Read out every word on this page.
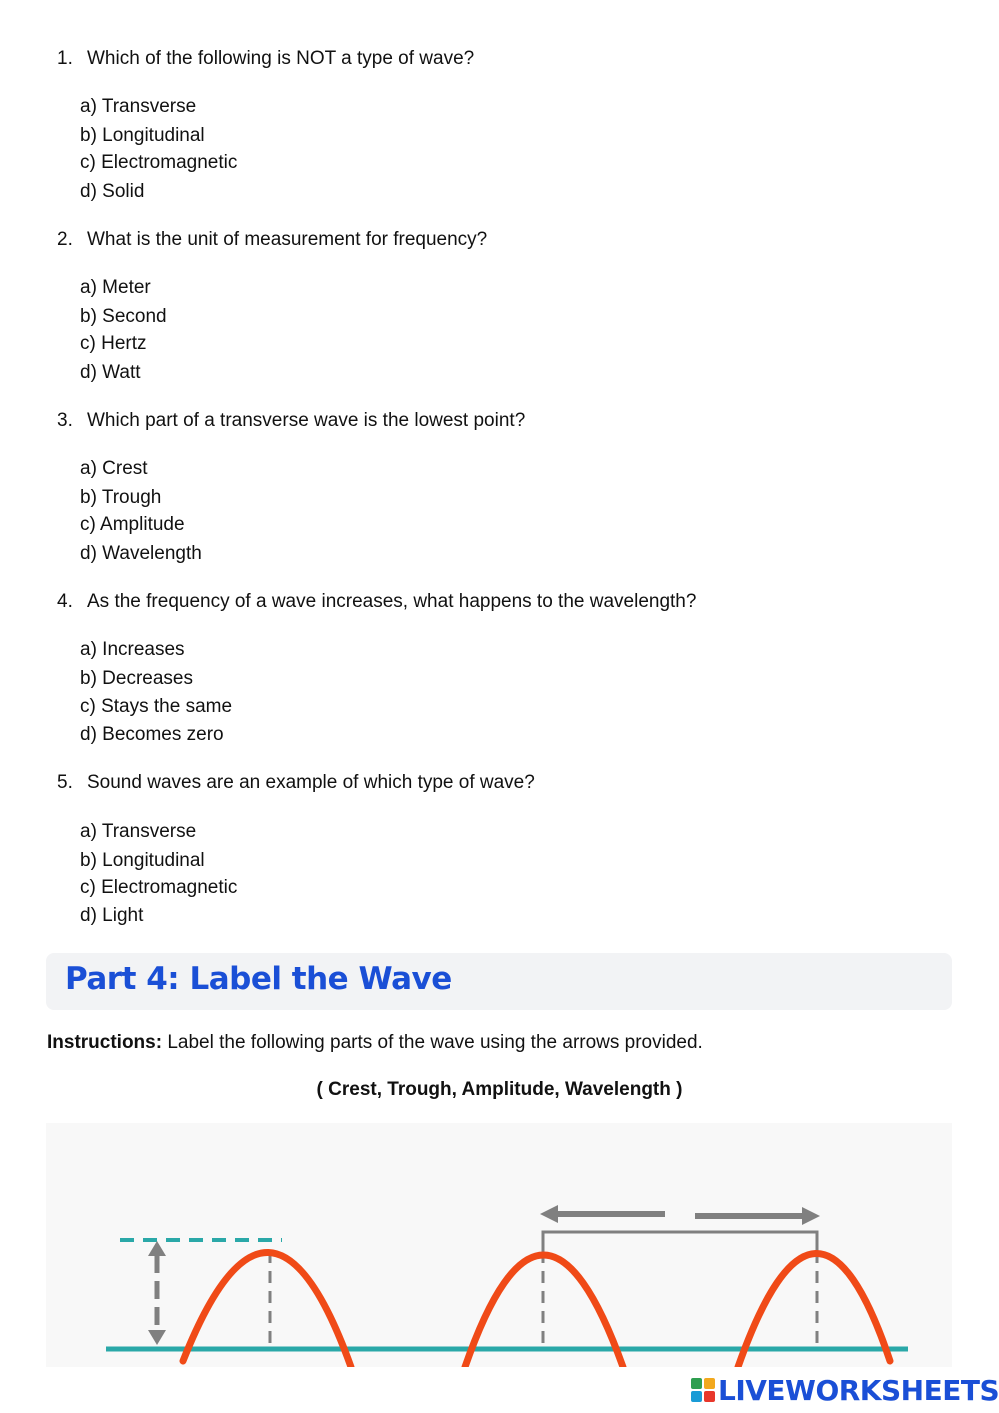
1. Which of the following is NOT a type of wave?
a) Transverse
b) Longitudinal
c) Electromagnetic
d) Solid
2. What is the unit of measurement for frequency?
a) Meter
b) Second
c) Hertz
d) Watt
3. Which part of a transverse wave is the lowest point?
a) Crest
b) Trough
c) Amplitude
d) Wavelength
4. As the frequency of a wave increases, what happens to the wavelength?
a) Increases
b) Decreases
c) Stays the same
d) Becomes zero
5. Sound waves are an example of which type of wave?
a) Transverse
b) Longitudinal
c) Electromagnetic
d) Light
Part 4: Label the Wave
Instructions: Label the following parts of the wave using the arrows provided.
( Crest, Trough, Amplitude, Wavelength )
LIVEWORKSHEETS
